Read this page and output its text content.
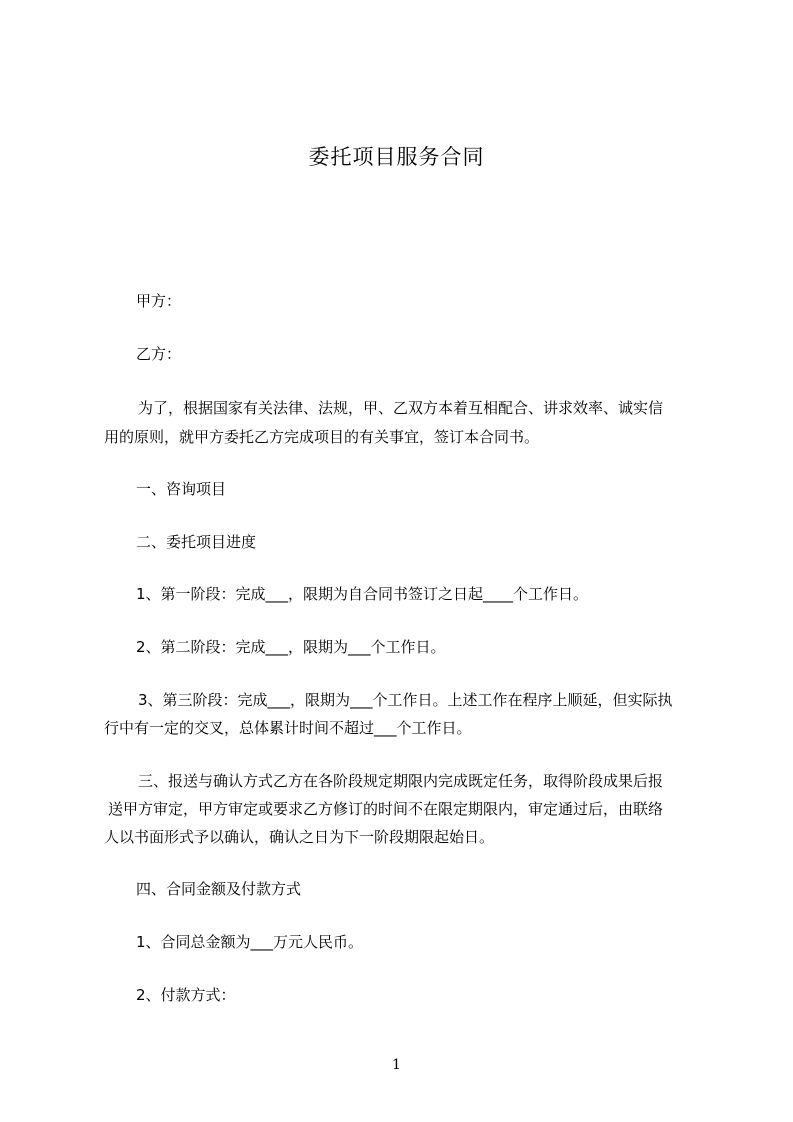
委托项目服务合同
甲方：
乙方：
为了，根据国家有关法律、法规，甲、乙双方本着互相配合、讲求效率、诚实信
用的原则，就甲方委托乙方完成项目的有关事宜，签订本合同书。
一、咨询项目
二、委托项目进度
1、第一阶段：完成___，限期为自合同书签订之日起____个工作日。
2、第二阶段：完成___，限期为___个工作日。
3、第三阶段：完成___，限期为___个工作日。上述工作在程序上顺延，但实际执
行中有一定的交叉，总体累计时间不超过___个工作日。
三、报送与确认方式乙方在各阶段规定期限内完成既定任务，取得阶段成果后报
送甲方审定，甲方审定或要求乙方修订的时间不在限定期限内，审定通过后，由联络
人以书面形式予以确认，确认之日为下一阶段期限起始日。
四、合同金额及付款方式
1、合同总金额为___万元人民币。
2、付款方式：
1
